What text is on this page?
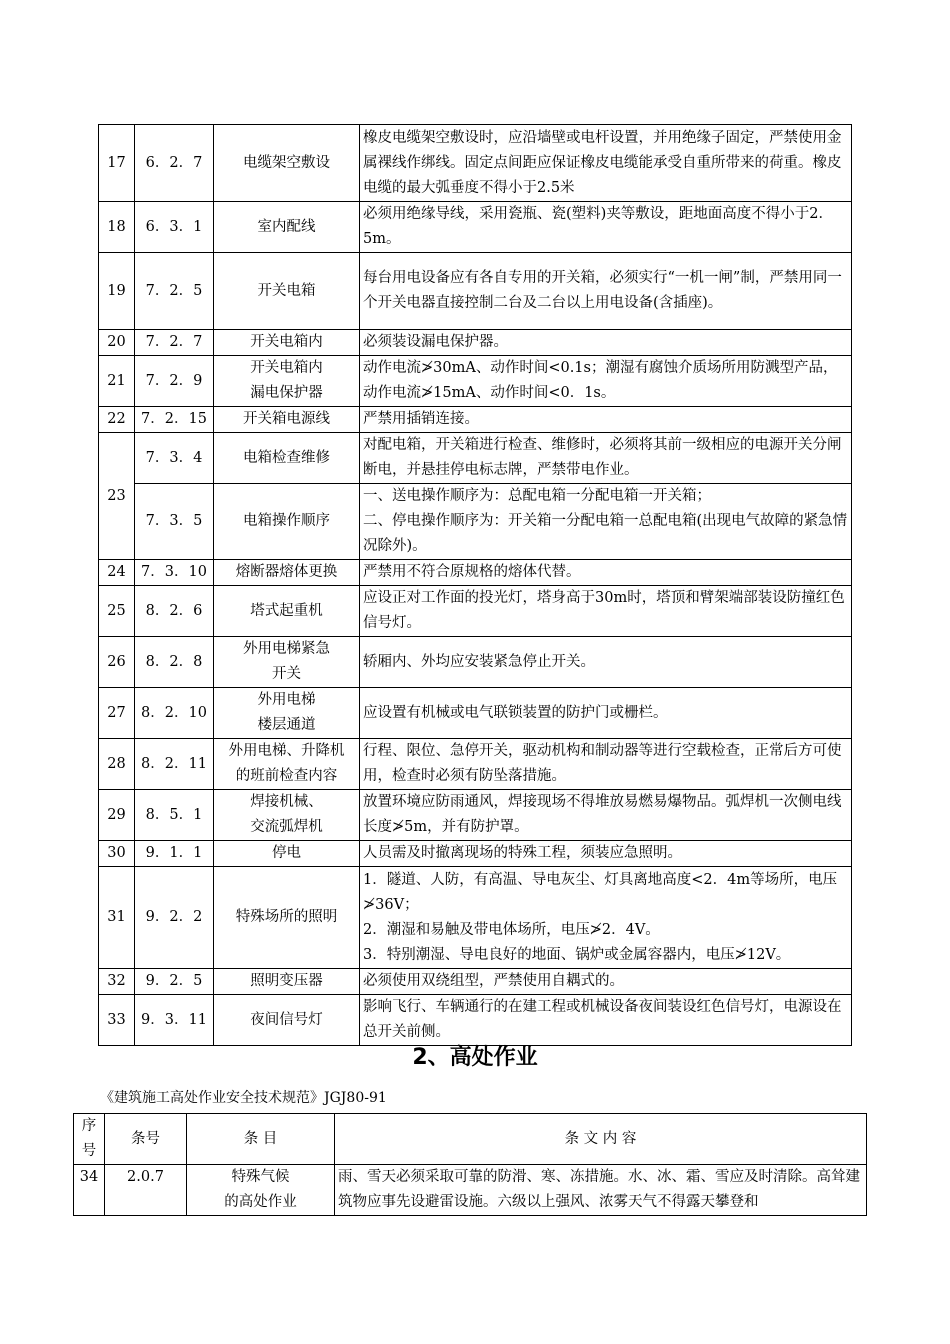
17	6．2．7	电缆架空敷设	橡皮电缆架空敷设时，应沿墙壁或电杆设置，并用绝缘子固定，严禁使用金属裸线作绑线。固定点间距应保证橡皮电缆能承受自重所带来的荷重。橡皮电缆的最大弧垂度不得小于2.5米
18	6．3．1	室内配线	必须用绝缘导线，采用瓷瓶、瓷(塑料)夹等敷设，距地面高度不得小于2．5m。
19	7．2．5	开关电箱	每台用电设备应有各自专用的开关箱，必须实行“一机一闸”制，严禁用同一个开关电器直接控制二台及二台以上用电设备(含插座)。
20	7．2．7	开关电箱内	必须装设漏电保护器。
21	7．2．9	开关电箱内
漏电保护器	动作电流≯30mA、动作时间<0.1s；潮湿有腐蚀介质场所用防溅型产品，动作电流≯15mA、动作时间<0．1s。
22	7．2．15	开关箱电源线	严禁用插销连接。
23	7．3．4	电箱检查维修	对配电箱，开关箱进行检查、维修时，必须将其前一级相应的电源开关分闸断电，并悬挂停电标志牌，严禁带电作业。
	7．3．5	电箱操作顺序	一、送电操作顺序为：总配电箱一分配电箱一开关箱；
二、停电操作顺序为：开关箱一分配电箱一总配电箱(出现电气故障的紧急情况除外)。

24	7．3．10	熔断器熔体更换	严禁用不符合原规格的熔体代替。
25	8．2．6	塔式起重机	应设正对工作面的投光灯，塔身高于30m时，塔顶和臂架端部装设防撞红色信号灯。
26	8．2．8	外用电梯紧急
开关	轿厢内、外均应安装紧急停止开关。
27	8．2．10	外用电梯
楼层通道	应设置有机械或电气联锁装置的防护门或栅栏。
28	8．2．11	外用电梯、升降机
的班前检查内容	行程、限位、急停开关，驱动机构和制动器等进行空载检查，正常后方可使用，检查时必须有防坠落措施。
29	8．5．1	焊接机械、
交流弧焊机	放置环境应防雨通风，焊接现场不得堆放易燃易爆物品。弧焊机一次侧电线长度≯5m，并有防护罩。
30	9．1．1	停电	人员需及时撤离现场的特殊工程，须装应急照明。
31	9．2．2	特殊场所的照明	1．隧道、人防，有高温、导电灰尘、灯具离地高度<2．4m等场所，电压≯36V；
2．潮湿和易触及带电体场所，电压≯2．4V。
3．特别潮湿、导电良好的地面、锅炉或金属容器内，电压≯12V。

32	9．2．5	照明变压器	必须使用双绕组型，严禁使用自耦式的。
33	9．3．11	夜间信号灯	影响飞行、车辆通行的在建工程或机械设备夜间装设红色信号灯，电源设在总开关前侧。
2、高处作业
《建筑施工高处作业安全技术规范》JGJ80-91
序
号	条号	条 目	条 文 内 容
34	2.0.7	特殊气候
的高处作业	雨、雪天必须采取可靠的防滑、寒、冻措施。水、冰、霜、雪应及时清除。高耸建筑物应事先设避雷设施。六级以上强风、浓雾天气不得露天攀登和
